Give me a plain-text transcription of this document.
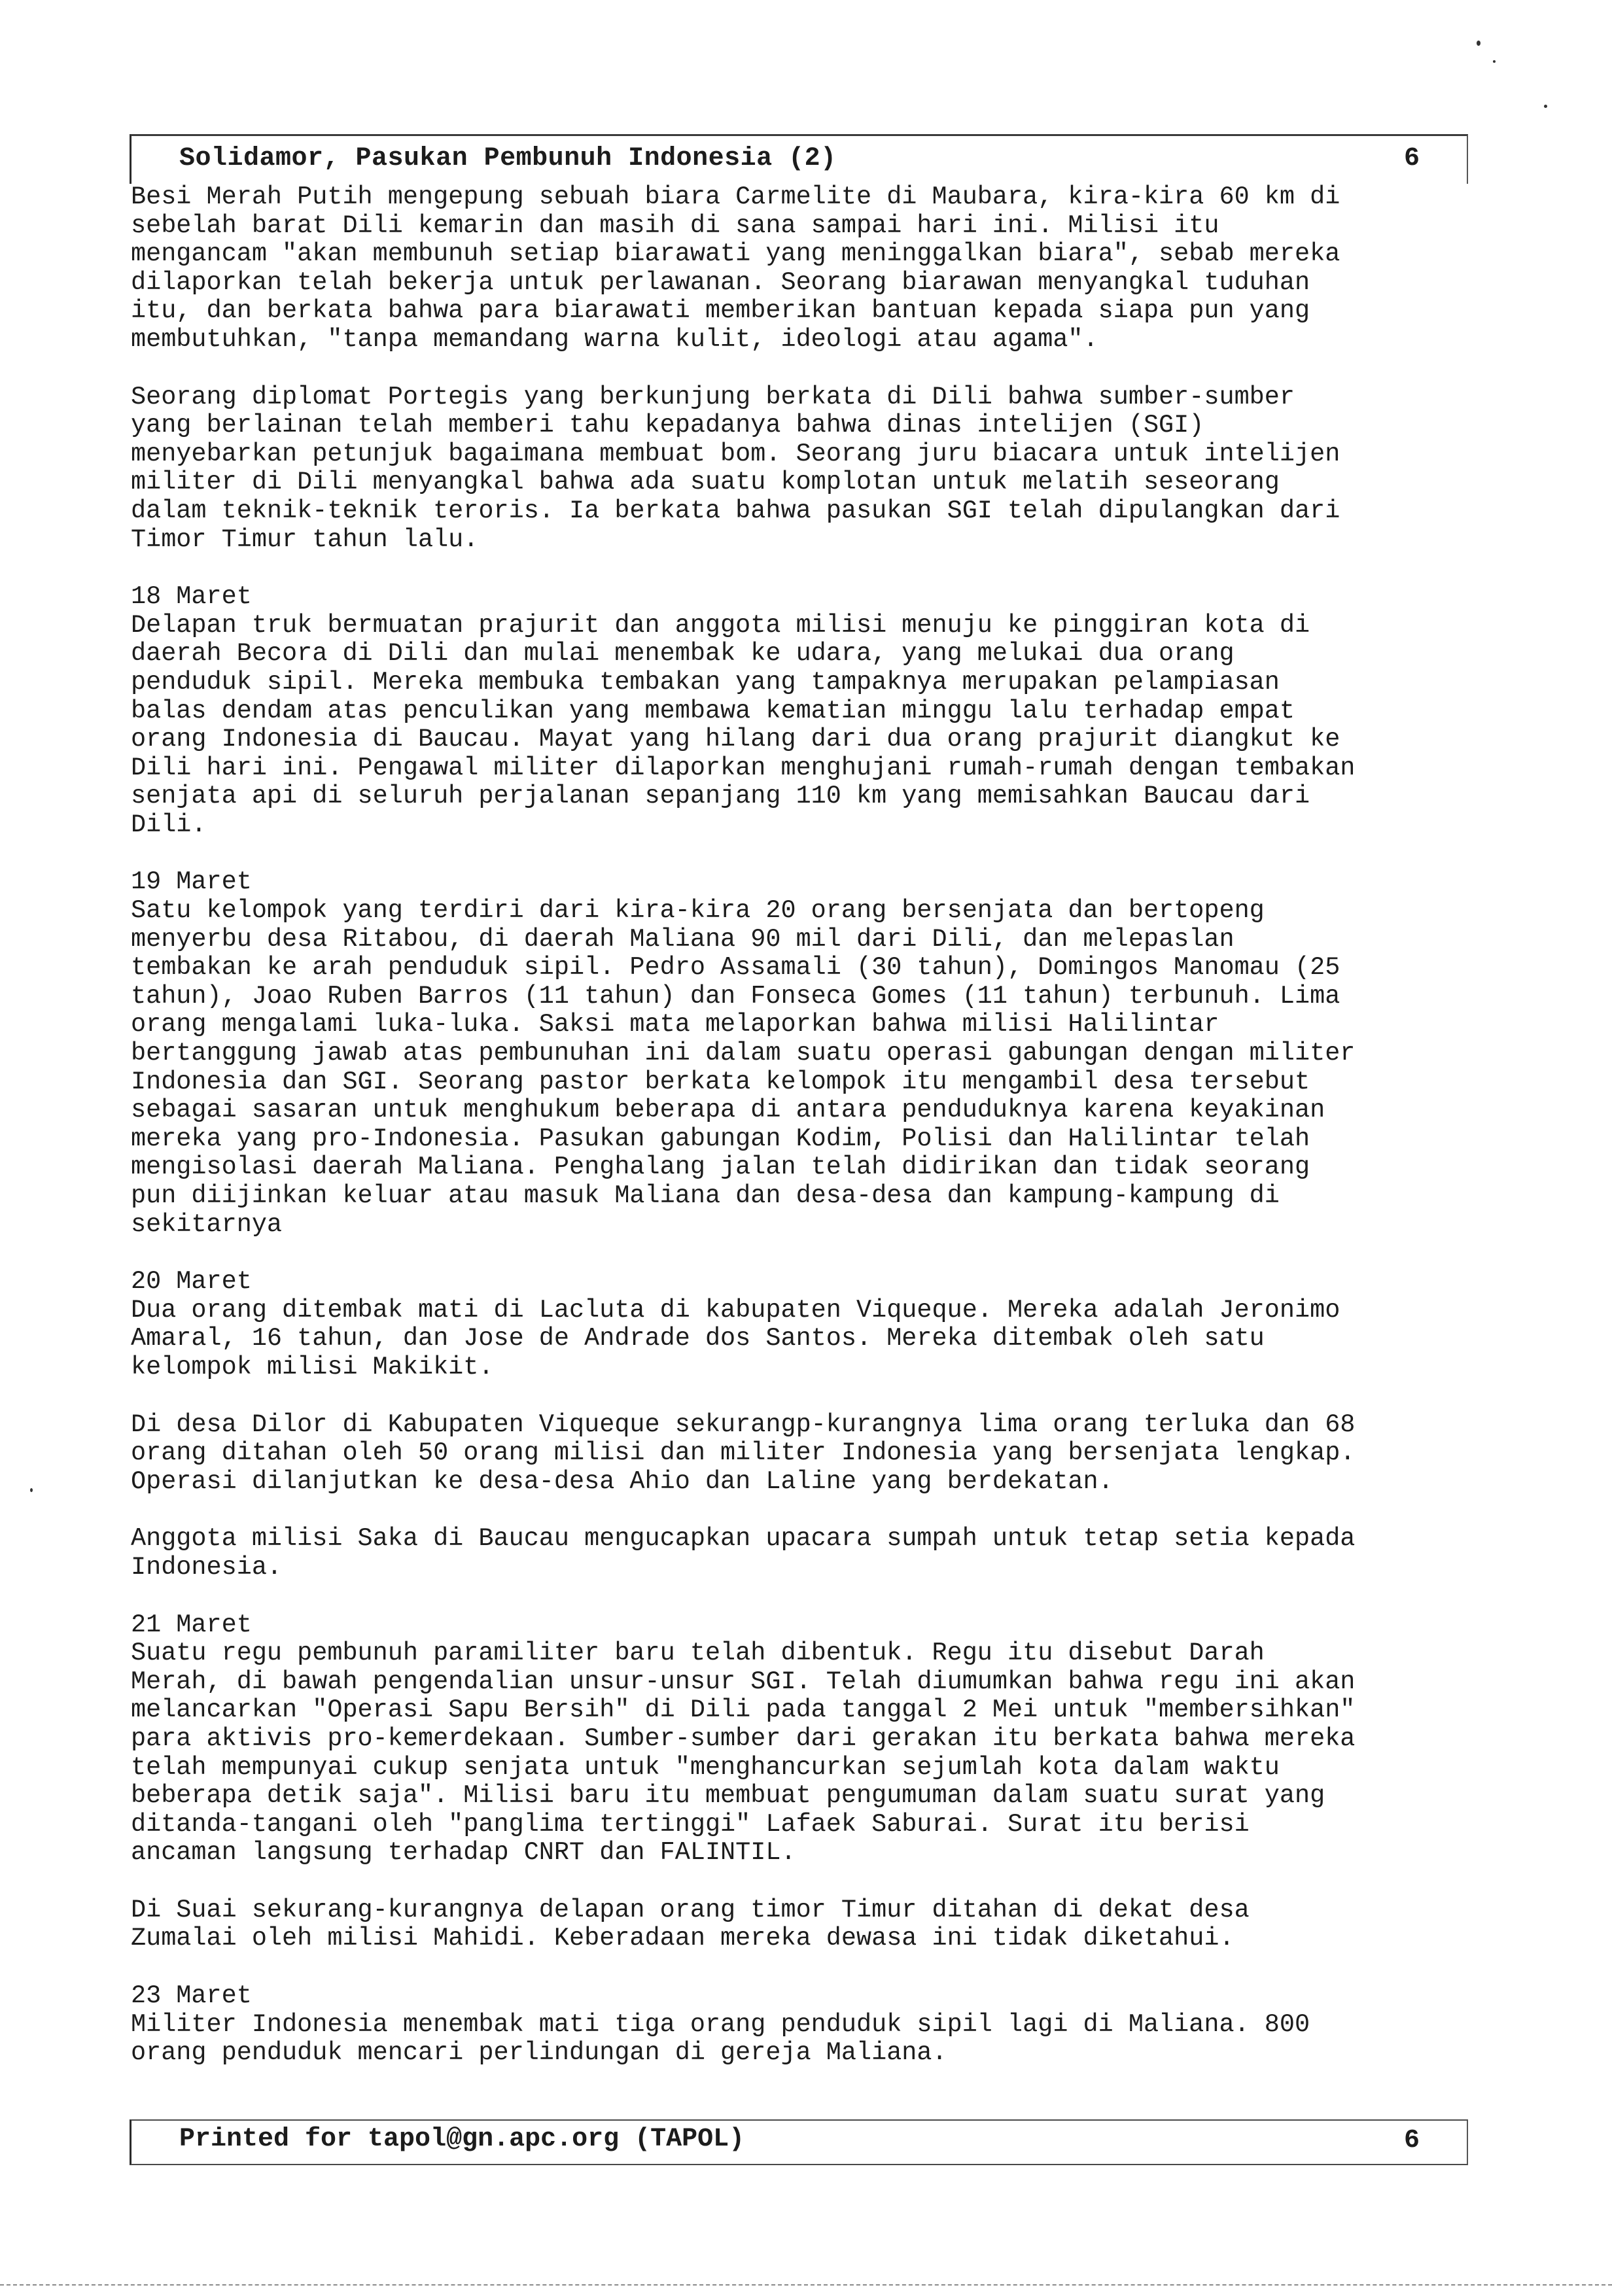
Solidamor, Pasukan Pembunuh Indonesia (2)	6
Besi Merah Putih mengepung sebuah biara Carmelite di Maubara, kira-kira 60 km di
sebelah barat Dili kemarin dan masih di sana sampai hari ini. Milisi itu
mengancam "akan membunuh setiap biarawati yang meninggalkan biara", sebab mereka
dilaporkan telah bekerja untuk perlawanan. Seorang biarawan menyangkal tuduhan
itu, dan berkata bahwa para biarawati memberikan bantuan kepada siapa pun yang
membutuhkan, "tanpa memandang warna kulit, ideologi atau agama".
Seorang diplomat Portegis yang berkunjung berkata di Dili bahwa sumber-sumber
yang berlainan telah memberi tahu kepadanya bahwa dinas intelijen (SGI)
menyebarkan petunjuk bagaimana membuat bom. Seorang juru biacara untuk intelijen
militer di Dili menyangkal bahwa ada suatu komplotan untuk melatih seseorang
dalam teknik-teknik teroris. Ia berkata bahwa pasukan SGI telah dipulangkan dari
Timor Timur tahun lalu.
18 Maret
Delapan truk bermuatan prajurit dan anggota milisi menuju ke pinggiran kota di
daerah Becora di Dili dan mulai menembak ke udara, yang melukai dua orang
penduduk sipil. Mereka membuka tembakan yang tampaknya merupakan pelampiasan
balas dendam atas penculikan yang membawa kematian minggu lalu terhadap empat
orang Indonesia di Baucau. Mayat yang hilang dari dua orang prajurit diangkut ke
Dili hari ini. Pengawal militer dilaporkan menghujani rumah-rumah dengan tembakan
senjata api di seluruh perjalanan sepanjang 110 km yang memisahkan Baucau dari
Dili.
19 Maret
Satu kelompok yang terdiri dari kira-kira 20 orang bersenjata dan bertopeng
menyerbu desa Ritabou, di daerah Maliana 90 mil dari Dili, dan melepaslan
tembakan ke arah penduduk sipil. Pedro Assamali (30 tahun), Domingos Manomau (25
tahun), Joao Ruben Barros (11 tahun) dan Fonseca Gomes (11 tahun) terbunuh. Lima
orang mengalami luka-luka. Saksi mata melaporkan bahwa milisi Halilintar
bertanggung jawab atas pembunuhan ini dalam suatu operasi gabungan dengan militer
Indonesia dan SGI. Seorang pastor berkata kelompok itu mengambil desa tersebut
sebagai sasaran untuk menghukum beberapa di antara penduduknya karena keyakinan
mereka yang pro-Indonesia. Pasukan gabungan Kodim, Polisi dan Halilintar telah
mengisolasi daerah Maliana. Penghalang jalan telah didirikan dan tidak seorang
pun diijinkan keluar atau masuk Maliana dan desa-desa dan kampung-kampung di
sekitarnya
20 Maret
Dua orang ditembak mati di Lacluta di kabupaten Viqueque. Mereka adalah Jeronimo
Amaral, 16 tahun, dan Jose de Andrade dos Santos. Mereka ditembak oleh satu
kelompok milisi Makikit.
Di desa Dilor di Kabupaten Viqueque sekurangp-kurangnya lima orang terluka dan 68
orang ditahan oleh 50 orang milisi dan militer Indonesia yang bersenjata lengkap.
Operasi dilanjutkan ke desa-desa Ahio dan Laline yang berdekatan.
Anggota milisi Saka di Baucau mengucapkan upacara sumpah untuk tetap setia kepada
Indonesia.
21 Maret
Suatu regu pembunuh paramiliter baru telah dibentuk. Regu itu disebut Darah
Merah, di bawah pengendalian unsur-unsur SGI. Telah diumumkan bahwa regu ini akan
melancarkan "Operasi Sapu Bersih" di Dili pada tanggal 2 Mei untuk "membersihkan"
para aktivis pro-kemerdekaan. Sumber-sumber dari gerakan itu berkata bahwa mereka
telah mempunyai cukup senjata untuk "menghancurkan sejumlah kota dalam waktu
beberapa detik saja". Milisi baru itu membuat pengumuman dalam suatu surat yang
ditanda-tangani oleh "panglima tertinggi" Lafaek Saburai. Surat itu berisi
ancaman langsung terhadap CNRT dan FALINTIL.
Di Suai sekurang-kurangnya delapan orang timor Timur ditahan di dekat desa
Zumalai oleh milisi Mahidi. Keberadaan mereka dewasa ini tidak diketahui.
23 Maret
Militer Indonesia menembak mati tiga orang penduduk sipil lagi di Maliana. 800
orang penduduk mencari perlindungan di gereja Maliana.
Printed for tapol@gn.apc.org (TAPOL)	6
